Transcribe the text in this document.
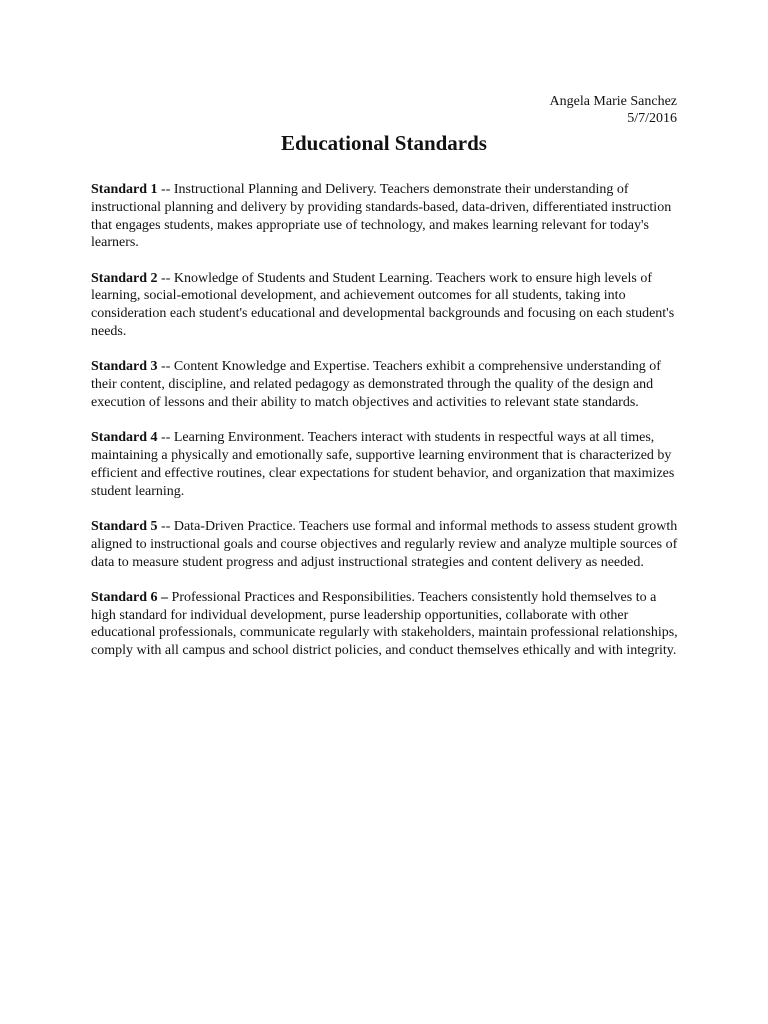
Angela Marie Sanchez
5/7/2016
Educational Standards

Standard 1 -- Instructional Planning and Delivery. Teachers demonstrate their understanding of instructional planning and delivery by providing standards-based, data-driven, differentiated instruction that engages students, makes appropriate use of technology, and makes learning relevant for today's learners.

Standard 2 -- Knowledge of Students and Student Learning. Teachers work to ensure high levels of learning, social-emotional development, and achievement outcomes for all students, taking into consideration each student's educational and developmental backgrounds and focusing on each student's needs.

Standard 3 -- Content Knowledge and Expertise. Teachers exhibit a comprehensive understanding of their content, discipline, and related pedagogy as demonstrated through the quality of the design and execution of lessons and their ability to match objectives and activities to relevant state standards.

Standard 4 -- Learning Environment. Teachers interact with students in respectful ways at all times, maintaining a physically and emotionally safe, supportive learning environment that is characterized by efficient and effective routines, clear expectations for student behavior, and organization that maximizes student learning.

Standard 5 -- Data-Driven Practice. Teachers use formal and informal methods to assess student growth aligned to instructional goals and course objectives and regularly review and analyze multiple sources of data to measure student progress and adjust instructional strategies and content delivery as needed.

Standard 6 – Professional Practices and Responsibilities. Teachers consistently hold themselves to a high standard for individual development, purse leadership opportunities, collaborate with other educational professionals, communicate regularly with stakeholders, maintain professional relationships, comply with all campus and school district policies, and conduct themselves ethically and with integrity.
